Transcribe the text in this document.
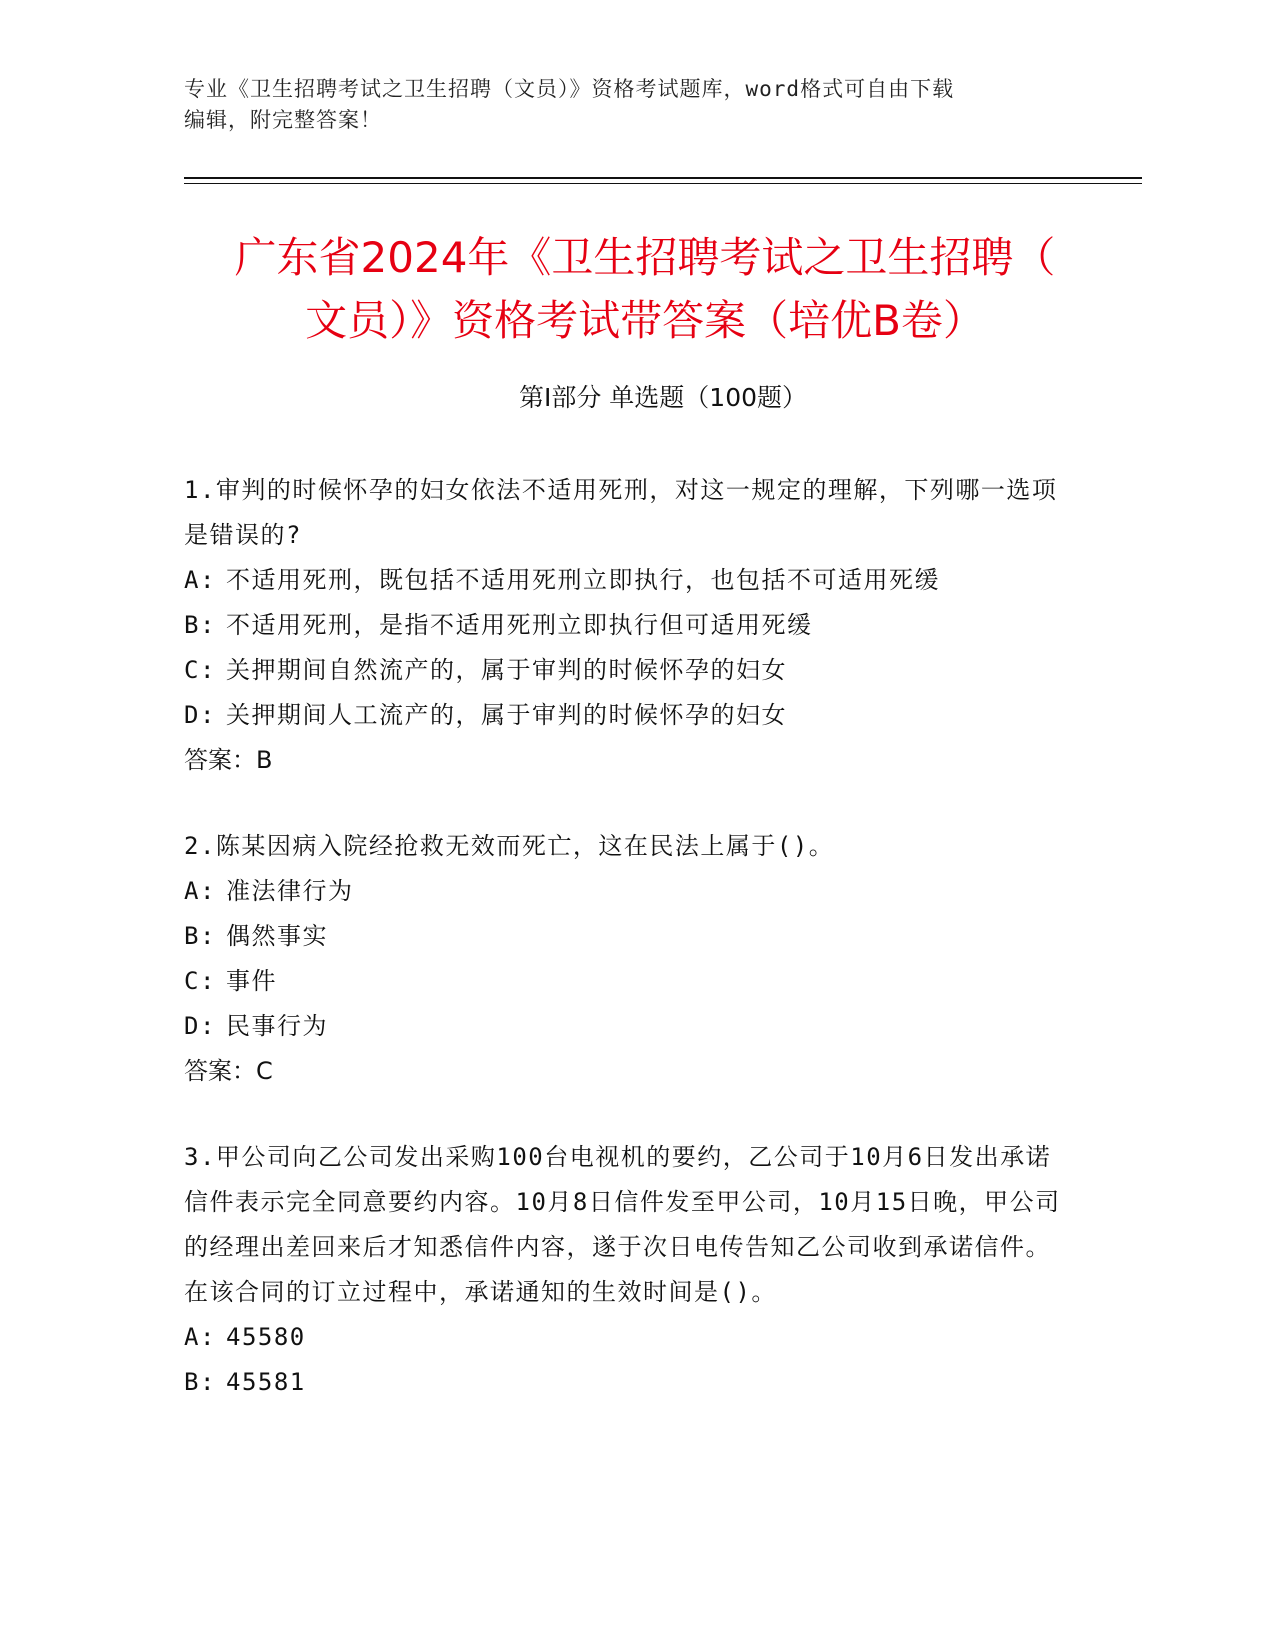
专业《卫生招聘考试之卫生招聘（文员）》资格考试题库，word格式可自由下载

编辑，附完整答案！

广东省2024年《卫生招聘考试之卫生招聘（
文员）》资格考试带答案（培优B卷）
第Ⅰ部分 单选题（100题）

1.审判的时候怀孕的妇女依法不适用死刑，对这一规定的理解，下列哪一选项是错误的?

A: 不适用死刑，既包括不适用死刑立即执行，也包括不可适用死缓
B: 不适用死刑，是指不适用死刑立即执行但可适用死缓
C: 关押期间自然流产的，属于审判的时候怀孕的妇女
D: 关押期间人工流产的，属于审判的时候怀孕的妇女

答案：B

2.陈某因病入院经抢救无效而死亡，这在民法上属于()。

A: 准法律行为
B: 偶然事实
C: 事件
D: 民事行为

答案：C

3.甲公司向乙公司发出采购100台电视机的要约，乙公司于10月6日发出承诺信件表示完全同意要约内容。10月8日信件发至甲公司，10月15日晚，甲公司的经理出差回来后才知悉信件内容，遂于次日电传告知乙公司收到承诺信件。在该合同的订立过程中，承诺通知的生效时间是()。

A: 45580
B: 45581
